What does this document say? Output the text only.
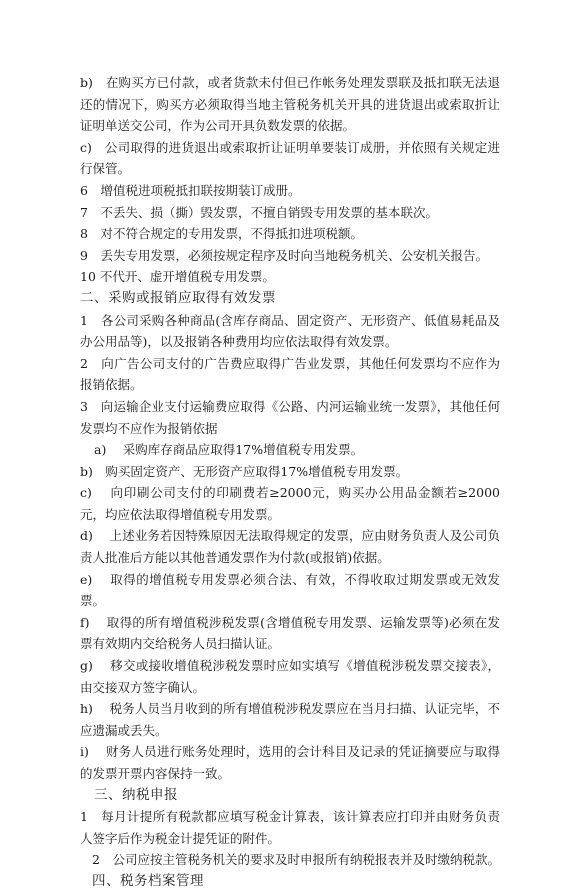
b)　在购买方已付款，或者货款未付但已作帐务处理发票联及抵扣联无法退还的情况下，购买方必须取得当地主管税务机关开具的进货退出或索取折让证明单送交公司，作为公司开具负数发票的依据。

c)　公司取得的进货退出或索取折让证明单要装订成册，并依照有关规定进行保管。

6　增值税进项税抵扣联按期装订成册。

7　不丢失、损（撕）毁发票，不擅自销毁专用发票的基本联次。

8　对不符合规定的专用发票，不得抵扣进项税额。

9　丢失专用发票，必须按规定程序及时向当地税务机关、公安机关报告。

10 不代开、虚开增值税专用发票。

二、采购或报销应取得有效发票

1　各公司采购各种商品(含库存商品、固定资产、无形资产、低值易耗品及办公用品等)，以及报销各种费用均应依法取得有效发票。

2　向广告公司支付的广告费应取得广告业发票，其他任何发票均不应作为报销依据。

3　向运输企业支付运输费应取得《公路、内河运输业统一发票》，其他任何发票均不应作为报销依据

a)　 采购库存商品应取得17%增值税专用发票。

b)　购买固定资产、无形资产应取得17%增值税专用发票。

c)　 向印刷公司支付的印刷费若≥2000元，购买办公用品金额若≥2000元，均应依法取得增值税专用发票。

d)　 上述业务若因特殊原因无法取得规定的发票，应由财务负责人及公司负责人批准后方能以其他普通发票作为付款(或报销)依据。

e)　 取得的增值税专用发票必须合法、有效，不得收取过期发票或无效发票。

f)　 取得的所有增值税涉税发票(含增值税专用发票、运输发票等)必须在发票有效期内交给税务人员扫描认证。

g)　 移交或接收增值税涉税发票时应如实填写《增值税涉税发票交接表》，由交接双方签字确认。

h)　 税务人员当月收到的所有增值税涉税发票应在当月扫描、认证完毕，不应遗漏或丢失。

i)　 财务人员进行账务处理时，选用的会计科目及记录的凭证摘要应与取得的发票开票内容保持一致。

三、纳税申报

1　每月计提所有税款都应填写税金计算表，该计算表应打印并由财务负责人签字后作为税金计提凭证的附件。

2　公司应按主管税务机关的要求及时申报所有纳税报表并及时缴纳税款。

四、税务档案管理
